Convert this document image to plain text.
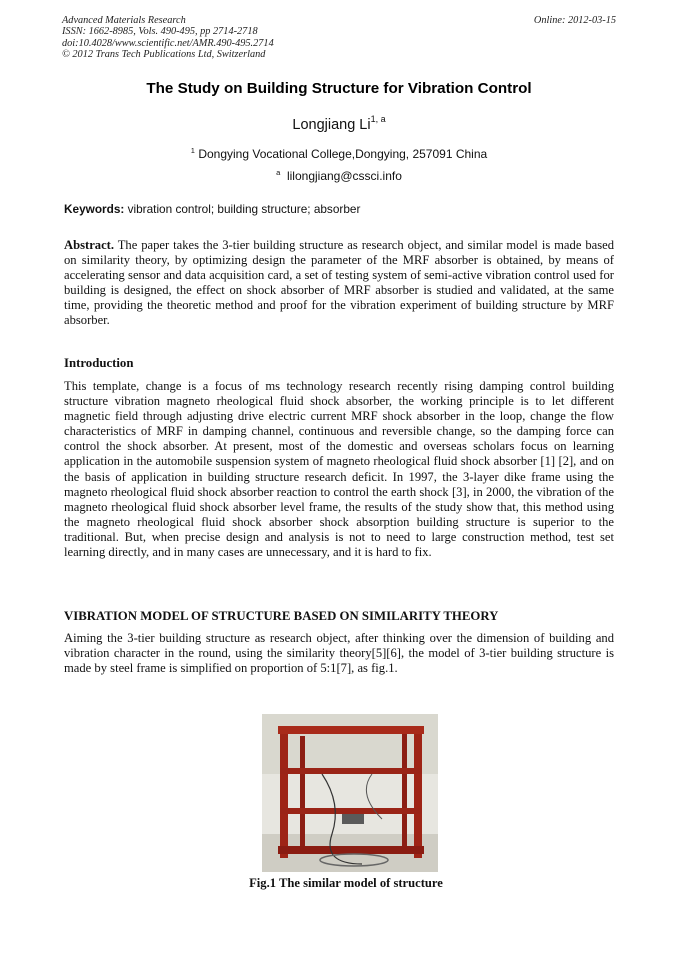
Advanced Materials Research
ISSN: 1662-8985, Vols. 490-495, pp 2714-2718
doi:10.4028/www.scientific.net/AMR.490-495.2714
© 2012 Trans Tech Publications Ltd, Switzerland
Online: 2012-03-15
The Study on Building Structure for Vibration Control
Longjiang Li$^{1, a}$
$^1$ Dongying Vocational College,Dongying, 257091 China
$^a$ lilongjiang@cssci.info
Keywords: vibration control; building structure; absorber
Abstract. The paper takes the 3-tier building structure as research object, and similar model is made based on similarity theory, by optimizing design the parameter of the MRF absorber is obtained, by means of accelerating sensor and data acquisition card, a set of testing system of semi-active vibration control used for building is designed, the effect on shock absorber of MRF absorber is studied and validated, at the same time, providing the theoretic method and proof for the vibration experiment of building structure by MRF absorber.
Introduction
This template, change is a focus of ms technology research recently rising damping control building structure vibration magneto rheological fluid shock absorber, the working principle is to let different magnetic field through adjusting drive electric current MRF shock absorber in the loop, change the flow characteristics of MRF in damping channel, continuous and reversible change, so the damping force can control the shock absorber. At present, most of the domestic and overseas scholars focus on learning application in the automobile suspension system of magneto rheological fluid shock absorber [1] [2], and on the basis of application in building structure research deficit. In 1997, the 3-layer dike frame using the magneto rheological fluid shock absorber reaction to control the earth shock [3], in 2000, the vibration of the magneto rheological fluid shock absorber level frame, the results of the study show that, this method using the magneto rheological fluid shock absorber shock absorption building structure is superior to the traditional. But, when precise design and analysis is not to need to large construction method, test set learning directly, and in many cases are unnecessary, and it is hard to fix.
VIBRATION MODEL OF STRUCTURE BASED ON SIMILARITY THEORY
Aiming the 3-tier building structure as research object, after thinking over the dimension of building and vibration character in the round, using the similarity theory[5][6], the model of 3-tier building structure is made by steel frame is simplified on proportion of 5:1[7], as fig.1.
Fig.1 The similar model of structure
